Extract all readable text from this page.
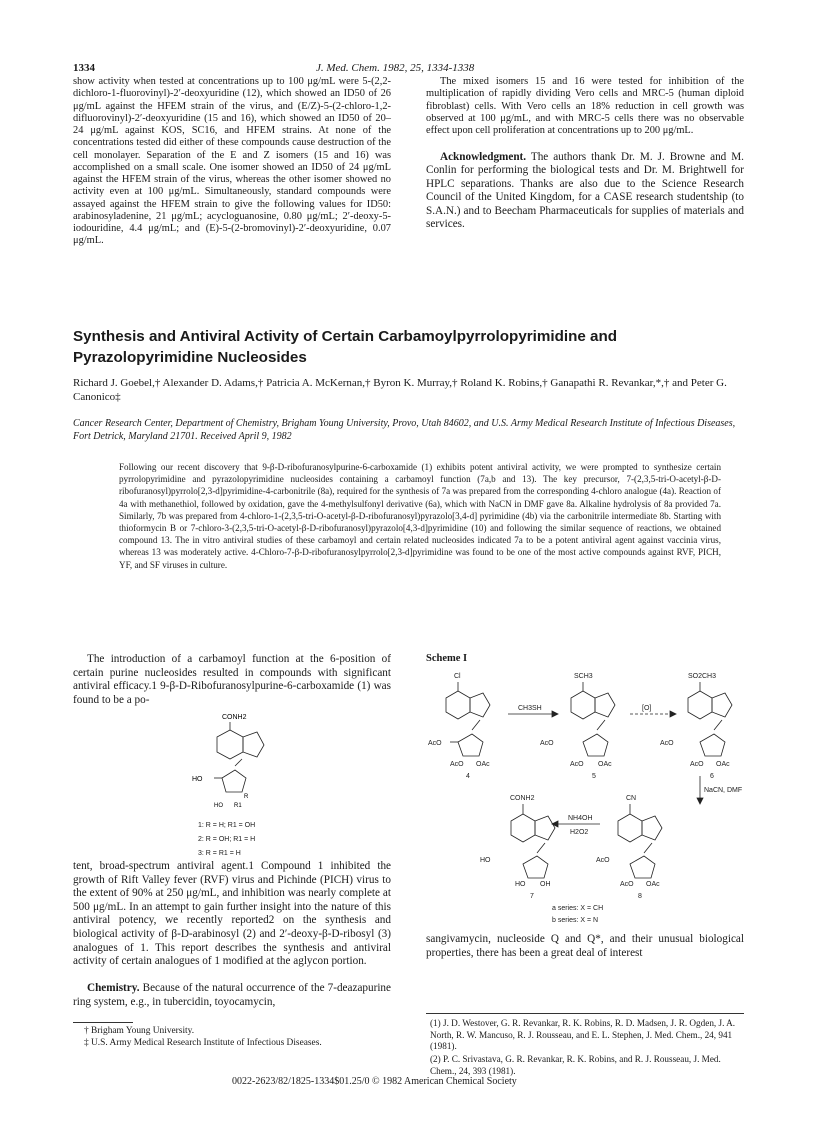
1334	J. Med. Chem. 1982, 25, 1334-1338
show activity when tested at concentrations up to 100 μg/mL were 5-(2,2-dichloro-1-fluorovinyl)-2′-deoxyuridine (12), which showed an ID50 of 26 μg/mL against the HFEM strain of the virus, and (E/Z)-5-(2-chloro-1,2-difluorovinyl)-2′-deoxyuridine (15 and 16), which showed an ID50 of 20–24 μg/mL against KOS, SC16, and HFEM strains. At none of the concentrations tested did either of these compounds cause destruction of the cell monolayer. Separation of the E and Z isomers (15 and 16) was accomplished on a small scale. One isomer showed an ID50 of 24 μg/mL against the HFEM strain of the virus, whereas the other isomer showed no activity even at 100 μg/mL. Simultaneously, standard compounds were assayed against the HFEM strain to give the following values for ID50: arabinosyladenine, 21 μg/mL; acycloguanosine, 0.80 μg/mL; 2′-deoxy-5-iodouridine, 4.4 μg/mL; and (E)-5-(2-bromovinyl)-2′-deoxyuridine, 0.07 μg/mL.
The mixed isomers 15 and 16 were tested for inhibition of the multiplication of rapidly dividing Vero cells and MRC-5 (human diploid fibroblast) cells. With Vero cells an 18% reduction in cell growth was observed at 100 μg/mL, and with MRC-5 cells there was no observable effect upon cell proliferation at concentrations up to 200 μg/mL.
Acknowledgment. The authors thank Dr. M. J. Browne and M. Conlin for performing the biological tests and Dr. M. Brightwell for HPLC separations. Thanks are also due to the Science Research Council of the United Kingdom, for a CASE research studentship (to S.A.N.) and to Beecham Pharmaceuticals for supplies of materials and services.
Synthesis and Antiviral Activity of Certain Carbamoylpyrrolopyrimidine and Pyrazolopyrimidine Nucleosides
Richard J. Goebel,† Alexander D. Adams,† Patricia A. McKernan,† Byron K. Murray,† Roland K. Robins,† Ganapathi R. Revankar,*,† and Peter G. Canonico‡
Cancer Research Center, Department of Chemistry, Brigham Young University, Provo, Utah 84602, and U.S. Army Medical Research Institute of Infectious Diseases, Fort Detrick, Maryland 21701. Received April 9, 1982
Following our recent discovery that 9-β-D-ribofuranosylpurine-6-carboxamide (1) exhibits potent antiviral activity, we were prompted to synthesize certain pyrrolopyrimidine and pyrazolopyrimidine nucleosides containing a carbamoyl function (7a,b and 13). The key precursor, 7-(2,3,5-tri-O-acetyl-β-D-ribofuranosyl)pyrrolo[2,3-d]pyrimidine-4-carbonitrile (8a), required for the synthesis of 7a was prepared from the corresponding 4-chloro analogue (4a). Reaction of 4a with methanethiol, followed by oxidation, gave the 4-methylsulfonyl derivative (6a), which with NaCN in DMF gave 8a. Alkaline hydrolysis of 8a provided 7a. Similarly, 7b was prepared from 4-chloro-1-(2,3,5-tri-O-acetyl-β-D-ribofuranosyl)pyrazolo[3,4-d] pyrimidine (4b) via the carbonitrile intermediate 8b. Starting with thioformycin B or 7-chloro-3-(2,3,5-tri-O-acetyl-β-D-ribofuranosyl)pyrazolo[4,3-d]pyrimidine (10) and following the similar sequence of reactions, we obtained compound 13. The in vitro antiviral studies of these carbamoyl and certain related nucleosides indicated 7a to be a potent antiviral agent against vaccinia virus, whereas 13 was moderately active. 4-Chloro-7-β-D-ribofuranosylpyrrolo[2,3-d]pyrimidine was found to be one of the most active compounds against RVF, PICH, YF, and SF viruses in culture.
The introduction of a carbamoyl function at the 6-position of certain purine nucleosides resulted in compounds with significant antiviral efficacy.1 9-β-D-Ribofuranosylpurine-6-carboxamide (1) was found to be a po-
CONH2
HO
R
R1
HO
1: R = H; R1 = OH
2: R = OH; R1 = H
3: R = R1 = H
tent, broad-spectrum antiviral agent.1 Compound 1 inhibited the growth of Rift Valley fever (RVF) virus and Pichinde (PICH) virus to the extent of 90% at 250 μg/mL, and inhibition was nearly complete at 500 μg/mL. In an attempt to gain further insight into the nature of this antiviral potency, we recently reported2 on the synthesis and biological activity of β-D-arabinosyl (2) and 2′-deoxy-β-D-ribosyl (3) analogues of 1. This report describes the synthesis and antiviral activity of certain analogues of 1 modified at the aglycon portion.
Chemistry. Because of the natural occurrence of the 7-deazapurine ring system, e.g., in tubercidin, toyocamycin,
† Brigham Young University.
‡ U.S. Army Medical Research Institute of Infectious Diseases.
Scheme I
Cl	SCH3	SO2CH3
CH3SH	[O]
NaCN, DMF
NH4OH
H2O2
CONH2	CN
AcO
AcO OAc
AcO
AcO OAc
AcO
AcO OAc
HO
HO OH
AcO
AcO OAc
4	5	6
7	8
a series: X = CH
b series: X = N
sangivamycin, nucleoside Q and Q*, and their unusual biological properties, there has been a great deal of interest
(1) J. D. Westover, G. R. Revankar, R. K. Robins, R. D. Madsen, J. R. Ogden, J. A. North, R. W. Mancuso, R. J. Rousseau, and E. L. Stephen, J. Med. Chem., 24, 941 (1981).
(2) P. C. Srivastava, G. R. Revankar, R. K. Robins, and R. J. Rousseau, J. Med. Chem., 24, 393 (1981).
0022-2623/82/1825-1334$01.25/0 © 1982 American Chemical Society
